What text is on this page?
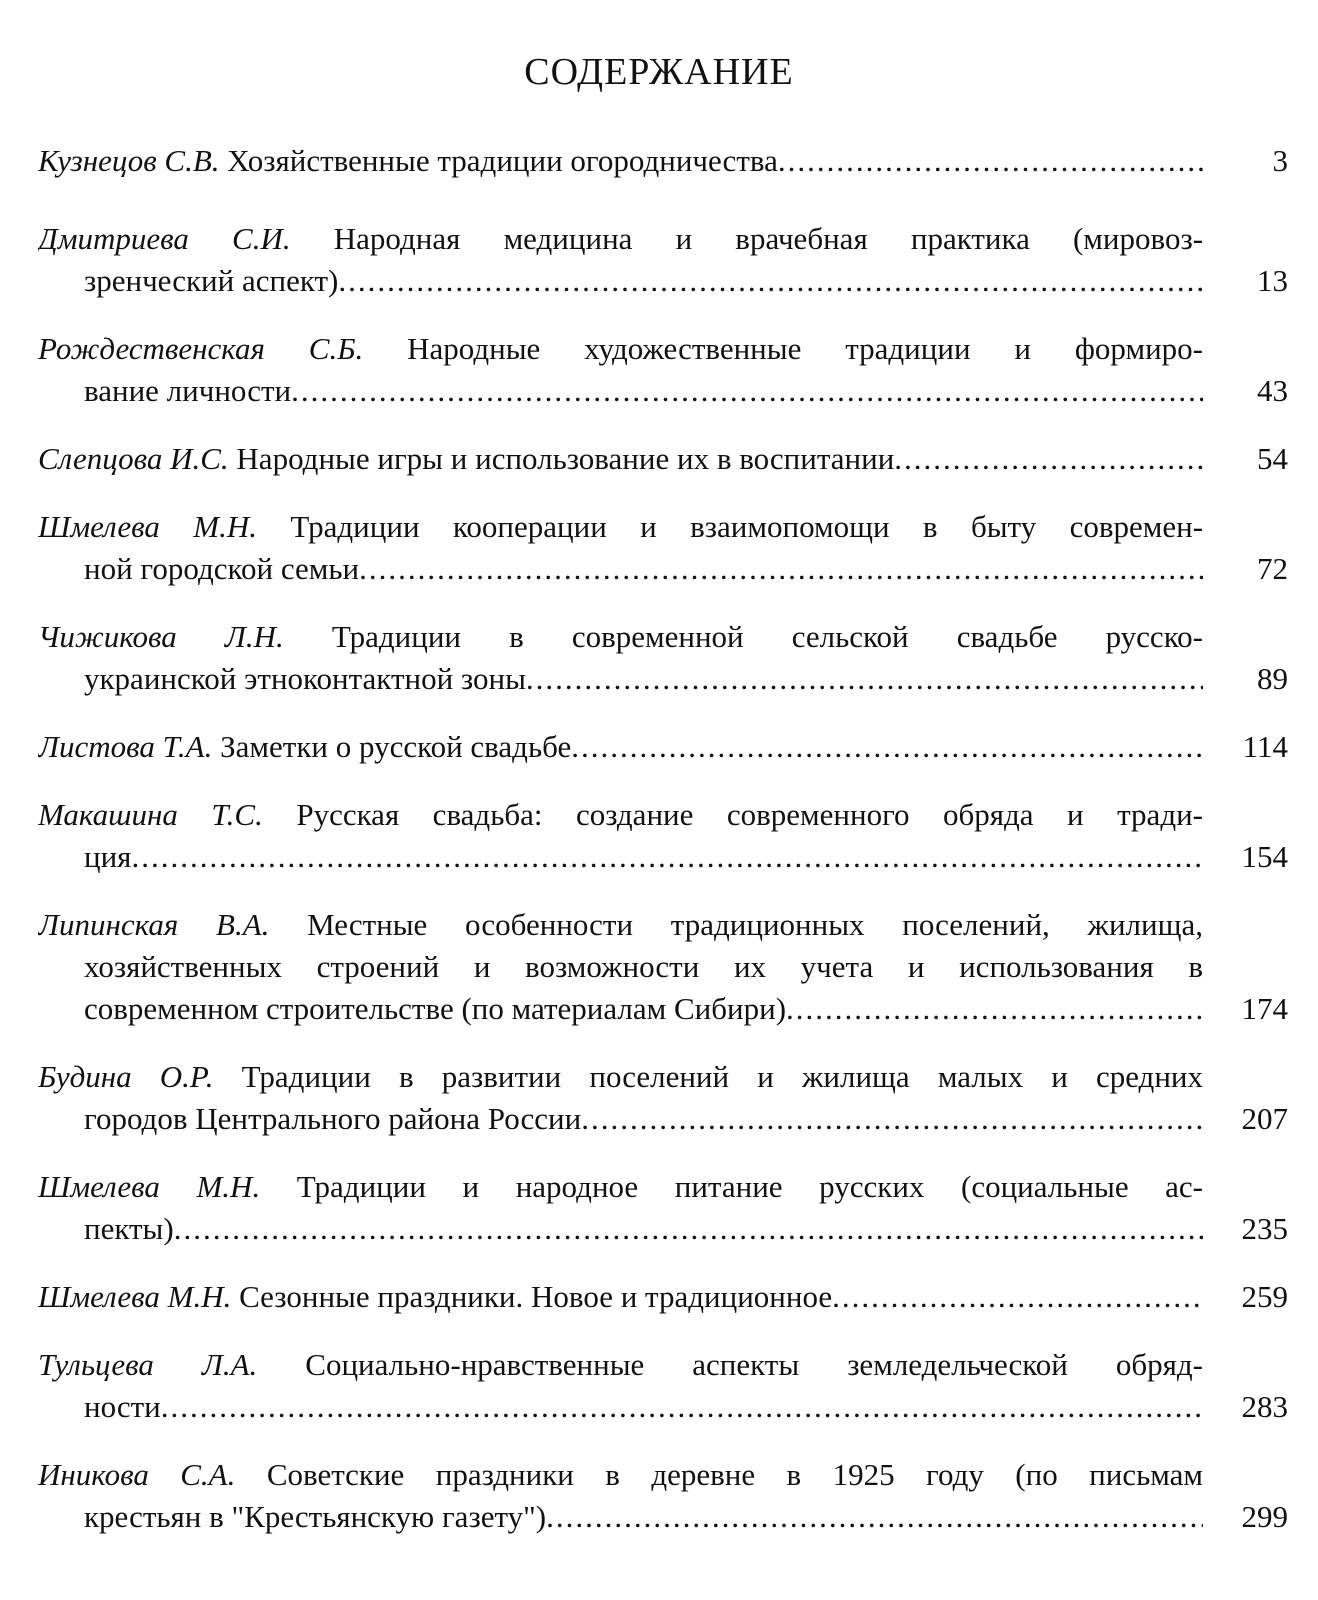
СОДЕРЖАНИЕ
Кузнецов С.В. Хозяйственные традиции огородничества .....	3
Дмитриева С.И. Народная медицина и врачебная практика (мировоз-
зренческий аспект) .....	13
Рождественская С.Б. Народные художественные традиции и формиро-
вание личности .....	43
Слепцова И.С. Народные игры и использование их в воспитании .....	54
Шмелева М.Н. Традиции кооперации и взаимопомощи в быту современ-
ной городской семьи .....	72
Чижикова Л.Н. Традиции в современной сельской свадьбе русско-
украинской этноконтактной зоны .....	89
Листова Т.А. Заметки о русской свадьбе .....	114
Макашина Т.С. Русская свадьба: создание современного обряда и тради-
ция .....	154
Липинская В.А. Местные особенности традиционных поселений, жилища,
хозяйственных строений и возможности их учета и использования в
современном строительстве (по материалам Сибири) .....	174
Будина О.Р. Традиции в развитии поселений и жилища малых и средних
городов Центрального района России .....	207
Шмелева М.Н. Традиции и народное питание русских (социальные ас-
пекты) .....	235
Шмелева М.Н. Сезонные праздники. Новое и традиционное .....	259
Тульцева Л.А. Социально-нравственные аспекты земледельческой обряд-
ности .....	283
Иникова С.А. Советские праздники в деревне в 1925 году (по письмам
крестьян в "Крестьянскую газету") .....	299
